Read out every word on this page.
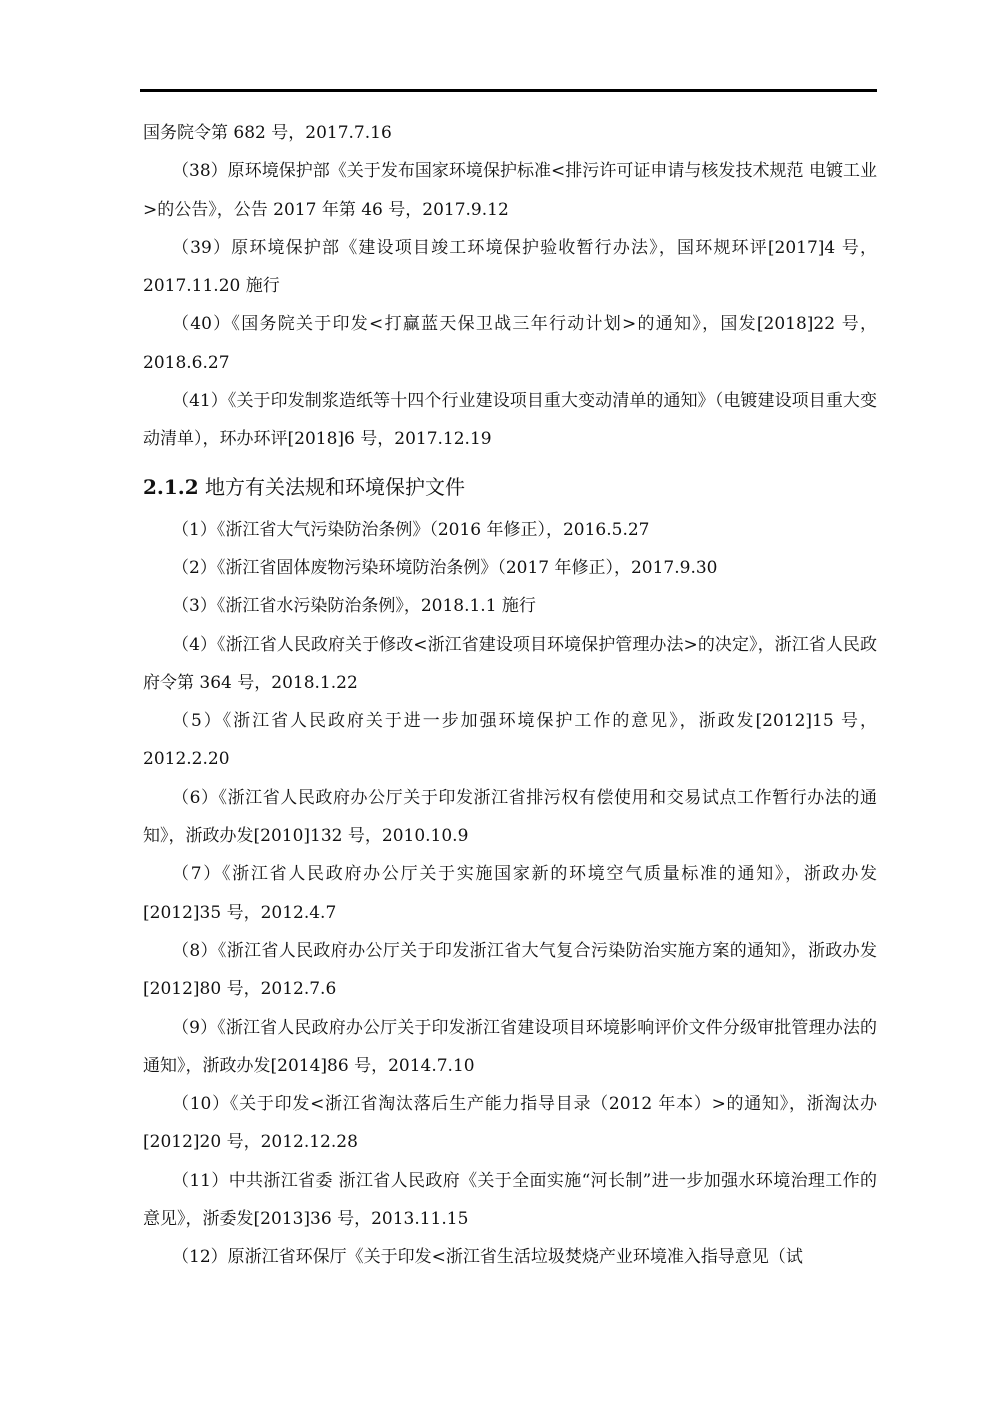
国务院令第 682 号，2017.7.16

（38）原环境保护部《关于发布国家环境保护标准<排污许可证申请与核发技术规范 电镀工业>的公告》，公告 2017 年第 46 号，2017.9.12

（39）原环境保护部《建设项目竣工环境保护验收暂行办法》，国环规环评[2017]4 号，2017.11.20 施行

（40）《国务院关于印发<打赢蓝天保卫战三年行动计划>的通知》，国发[2018]22 号，2018.6.27

（41）《关于印发制浆造纸等十四个行业建设项目重大变动清单的通知》（电镀建设项目重大变动清单），环办环评[2018]6 号，2017.12.19

2.1.2 地方有关法规和环境保护文件

（1）《浙江省大气污染防治条例》（2016 年修正），2016.5.27

（2）《浙江省固体废物污染环境防治条例》（2017 年修正），2017.9.30

（3）《浙江省水污染防治条例》，2018.1.1 施行

（4）《浙江省人民政府关于修改<浙江省建设项目环境保护管理办法>的决定》，浙江省人民政府令第 364 号，2018.1.22

（5）《浙江省人民政府关于进一步加强环境保护工作的意见》，浙政发[2012]15 号，2012.2.20

（6）《浙江省人民政府办公厅关于印发浙江省排污权有偿使用和交易试点工作暂行办法的通知》，浙政办发[2010]132 号，2010.10.9

（7）《浙江省人民政府办公厅关于实施国家新的环境空气质量标准的通知》，浙政办发[2012]35 号，2012.4.7

（8）《浙江省人民政府办公厅关于印发浙江省大气复合污染防治实施方案的通知》，浙政办发[2012]80 号，2012.7.6

（9）《浙江省人民政府办公厅关于印发浙江省建设项目环境影响评价文件分级审批管理办法的通知》，浙政办发[2014]86 号，2014.7.10

（10）《关于印发<浙江省淘汰落后生产能力指导目录（2012 年本）>的通知》，浙淘汰办[2012]20 号，2012.12.28

（11）中共浙江省委 浙江省人民政府《关于全面实施“河长制”进一步加强水环境治理工作的意见》，浙委发[2013]36 号，2013.11.15

（12）原浙江省环保厅《关于印发<浙江省生活垃圾焚烧产业环境准入指导意见（试
